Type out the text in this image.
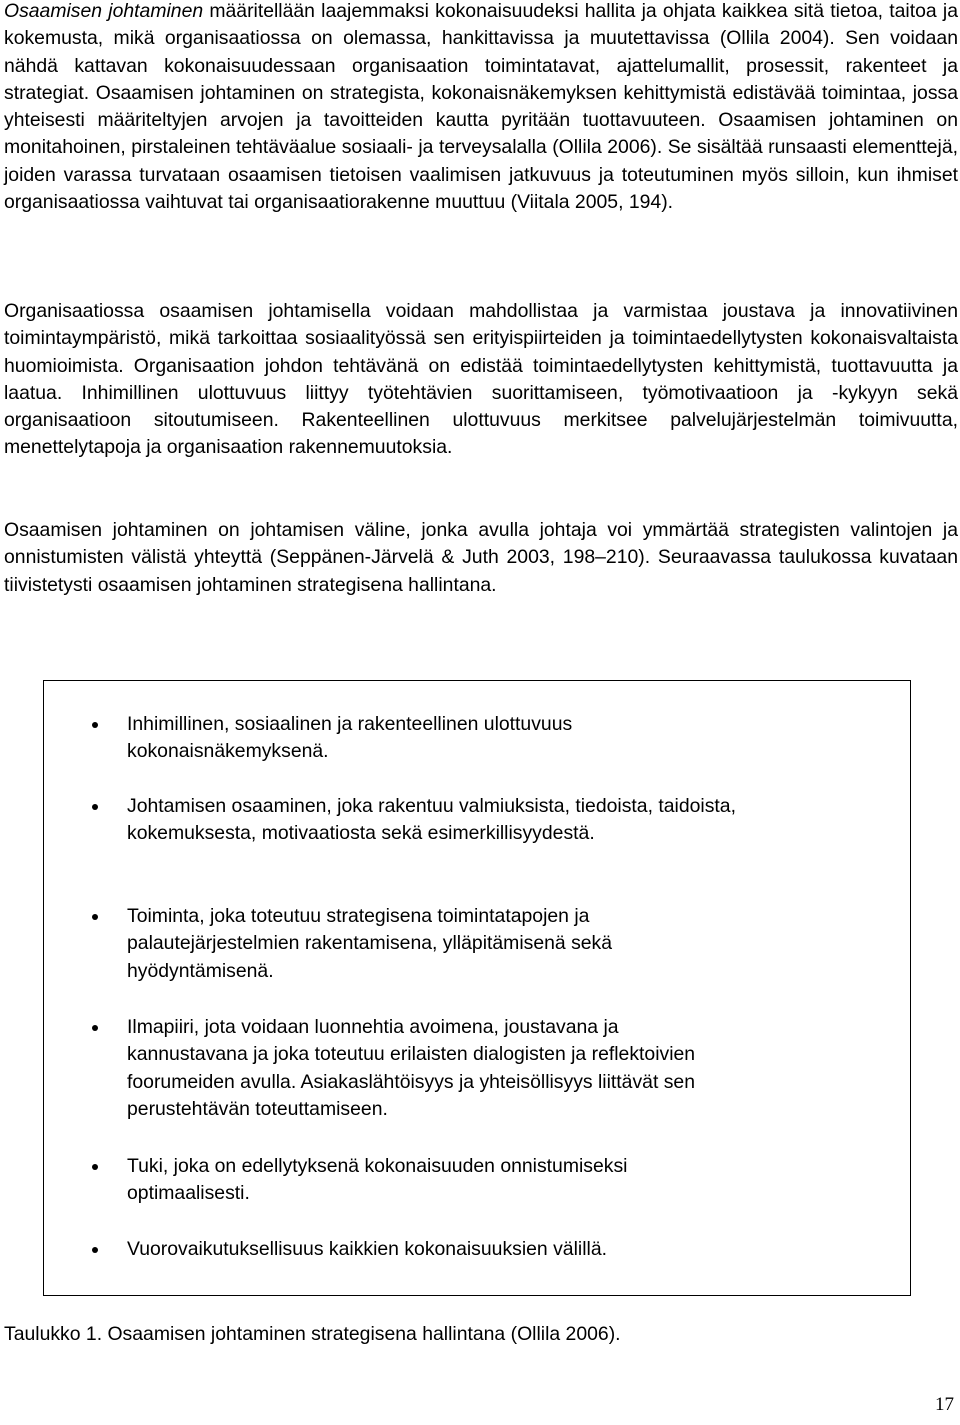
Osaamisen johtaminen määritellään laajemmaksi kokonaisuudeksi hallita ja ohjata kaikkea sitä tietoa, taitoa ja kokemusta, mikä organisaatiossa on olemassa, hankittavissa ja muutettavissa (Ollila 2004). Sen voidaan nähdä kattavan kokonaisuudessaan organisaation toimintatavat, ajattelumallit, prosessit, rakenteet ja strategiat. Osaamisen johtaminen on strategista, kokonaisnäkemyksen kehittymistä edistävää toimintaa, jossa yhteisesti määriteltyjen arvojen ja tavoitteiden kautta pyritään tuottavuuteen. Osaamisen johtaminen on monitahoinen, pirstaleinen tehtäväalue sosiaali- ja terveysalalla (Ollila 2006). Se sisältää runsaasti elementtejä, joiden varassa turvataan osaamisen tietoisen vaalimisen jatkuvuus ja toteutuminen myös silloin, kun ihmiset organisaatiossa vaihtuvat tai organisaatiorakenne muuttuu (Viitala 2005, 194).

Organisaatiossa osaamisen johtamisella voidaan mahdollistaa ja varmistaa joustava ja innovatiivinen toimintaympäristö, mikä tarkoittaa sosiaalityössä sen erityispiirteiden ja toimintaedellytysten kokonaisvaltaista huomioimista. Organisaation johdon tehtävänä on edistää toimintaedellytysten kehittymistä, tuottavuutta ja laatua. Inhimillinen ulottuvuus liittyy työtehtävien suorittamiseen, työmotivaatioon ja -kykyyn sekä organisaatioon sitoutumiseen. Rakenteellinen ulottuvuus merkitsee palvelujärjestelmän toimivuutta, menettelytapoja ja organisaation rakennemuutoksia.

Osaamisen johtaminen on johtamisen väline, jonka avulla johtaja voi ymmärtää strategisten valintojen ja onnistumisten välistä yhteyttä (Seppänen-Järvelä & Juth 2003, 198–210). Seuraavassa taulukossa kuvataan tiivistetysti osaamisen johtaminen strategisena hallintana.

Inhimillinen, sosiaalinen ja rakenteellinen ulottuvuus kokonaisnäkemyksenä.
Johtamisen osaaminen, joka rakentuu valmiuksista, tiedoista, taidoista, kokemuksesta, motivaatiosta sekä esimerkillisyydestä.
Toiminta, joka toteutuu strategisena toimintatapojen ja palautejärjestelmien rakentamisena, ylläpitämisenä sekä hyödyntämisenä.
Ilmapiiri, jota voidaan luonnehtia avoimena, joustavana ja kannustavana ja joka toteutuu erilaisten dialogisten ja reflektoivien foorumeiden avulla. Asiakaslähtöisyys ja yhteisöllisyys liittävät sen perustehtävän toteuttamiseen.
Tuki, joka on edellytyksenä kokonaisuuden onnistumiseksi optimaalisesti.
Vuorovaikutuksellisuus kaikkien kokonaisuuksien välillä.

Taulukko 1. Osaamisen johtaminen strategisena hallintana (Ollila 2006).

17
